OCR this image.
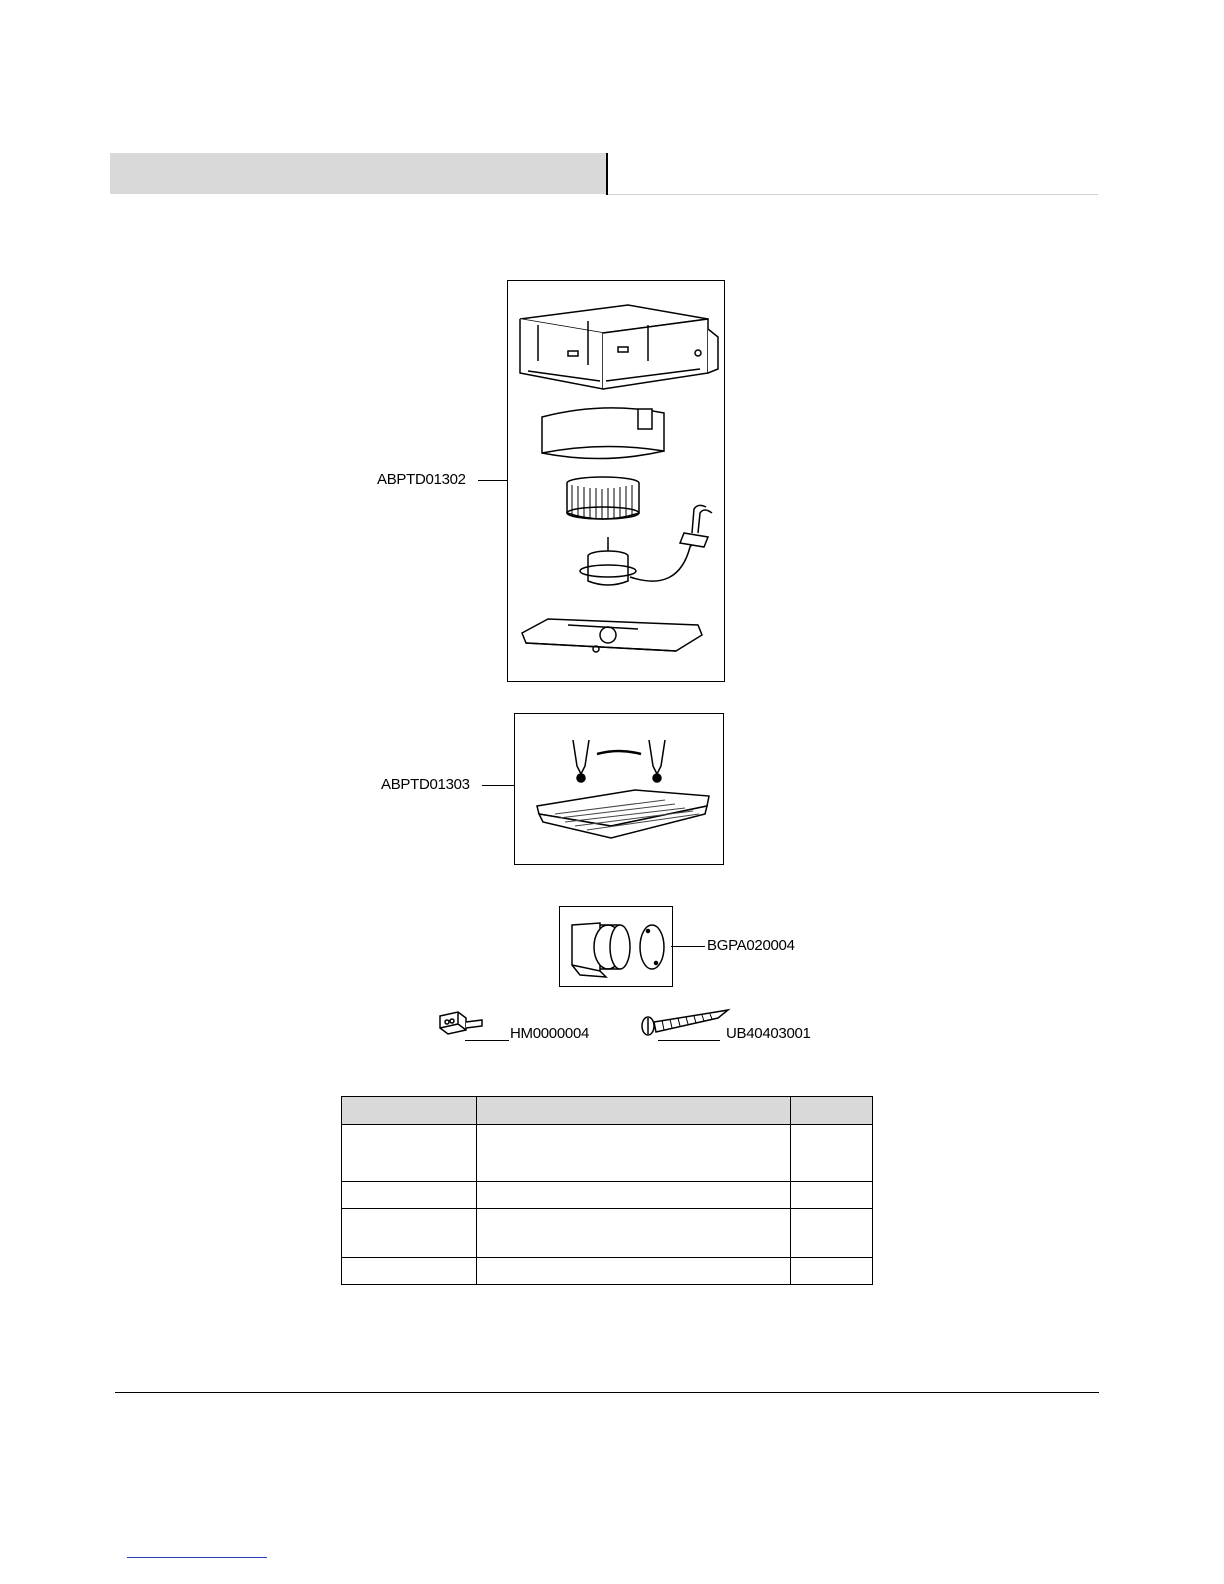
ABPTD01302
ABPTD01303
BGPA020004
HM0000004	UB40403001
